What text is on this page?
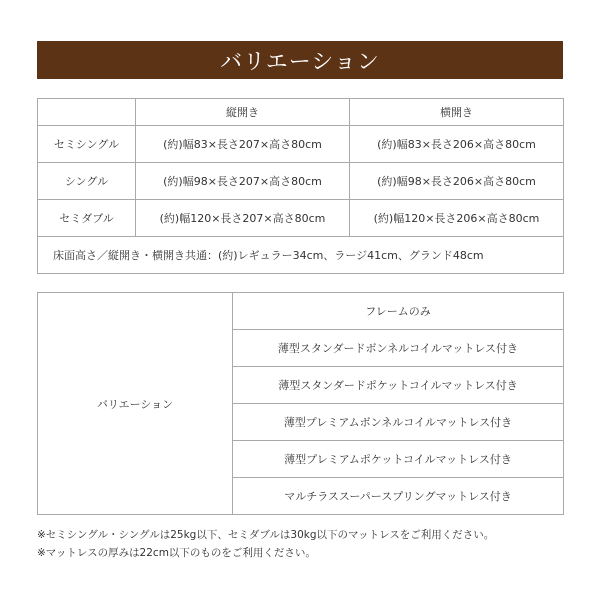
バリエーション
	縦開き	横開き
セミシングル	(約)幅83×長さ207×高さ80cm	(約)幅83×長さ206×高さ80cm
シングル	(約)幅98×長さ207×高さ80cm	(約)幅98×長さ206×高さ80cm
セミダブル	(約)幅120×長さ207×高さ80cm	(約)幅120×長さ206×高さ80cm
床面高さ／縦開き・横開き共通：(約)レギュラー34cm、ラージ41cm、グランド48cm		
バリエーション	フレームのみ
薄型スタンダードボンネルコイルマットレス付き
薄型スタンダードポケットコイルマットレス付き
薄型プレミアムボンネルコイルマットレス付き
薄型プレミアムポケットコイルマットレス付き
マルチラススーパースプリングマットレス付き
※セミシングル・シングルは25kg以下、セミダブルは30kg以下のマットレスをご利用ください。
※マットレスの厚みは22cm以下のものをご利用ください。
